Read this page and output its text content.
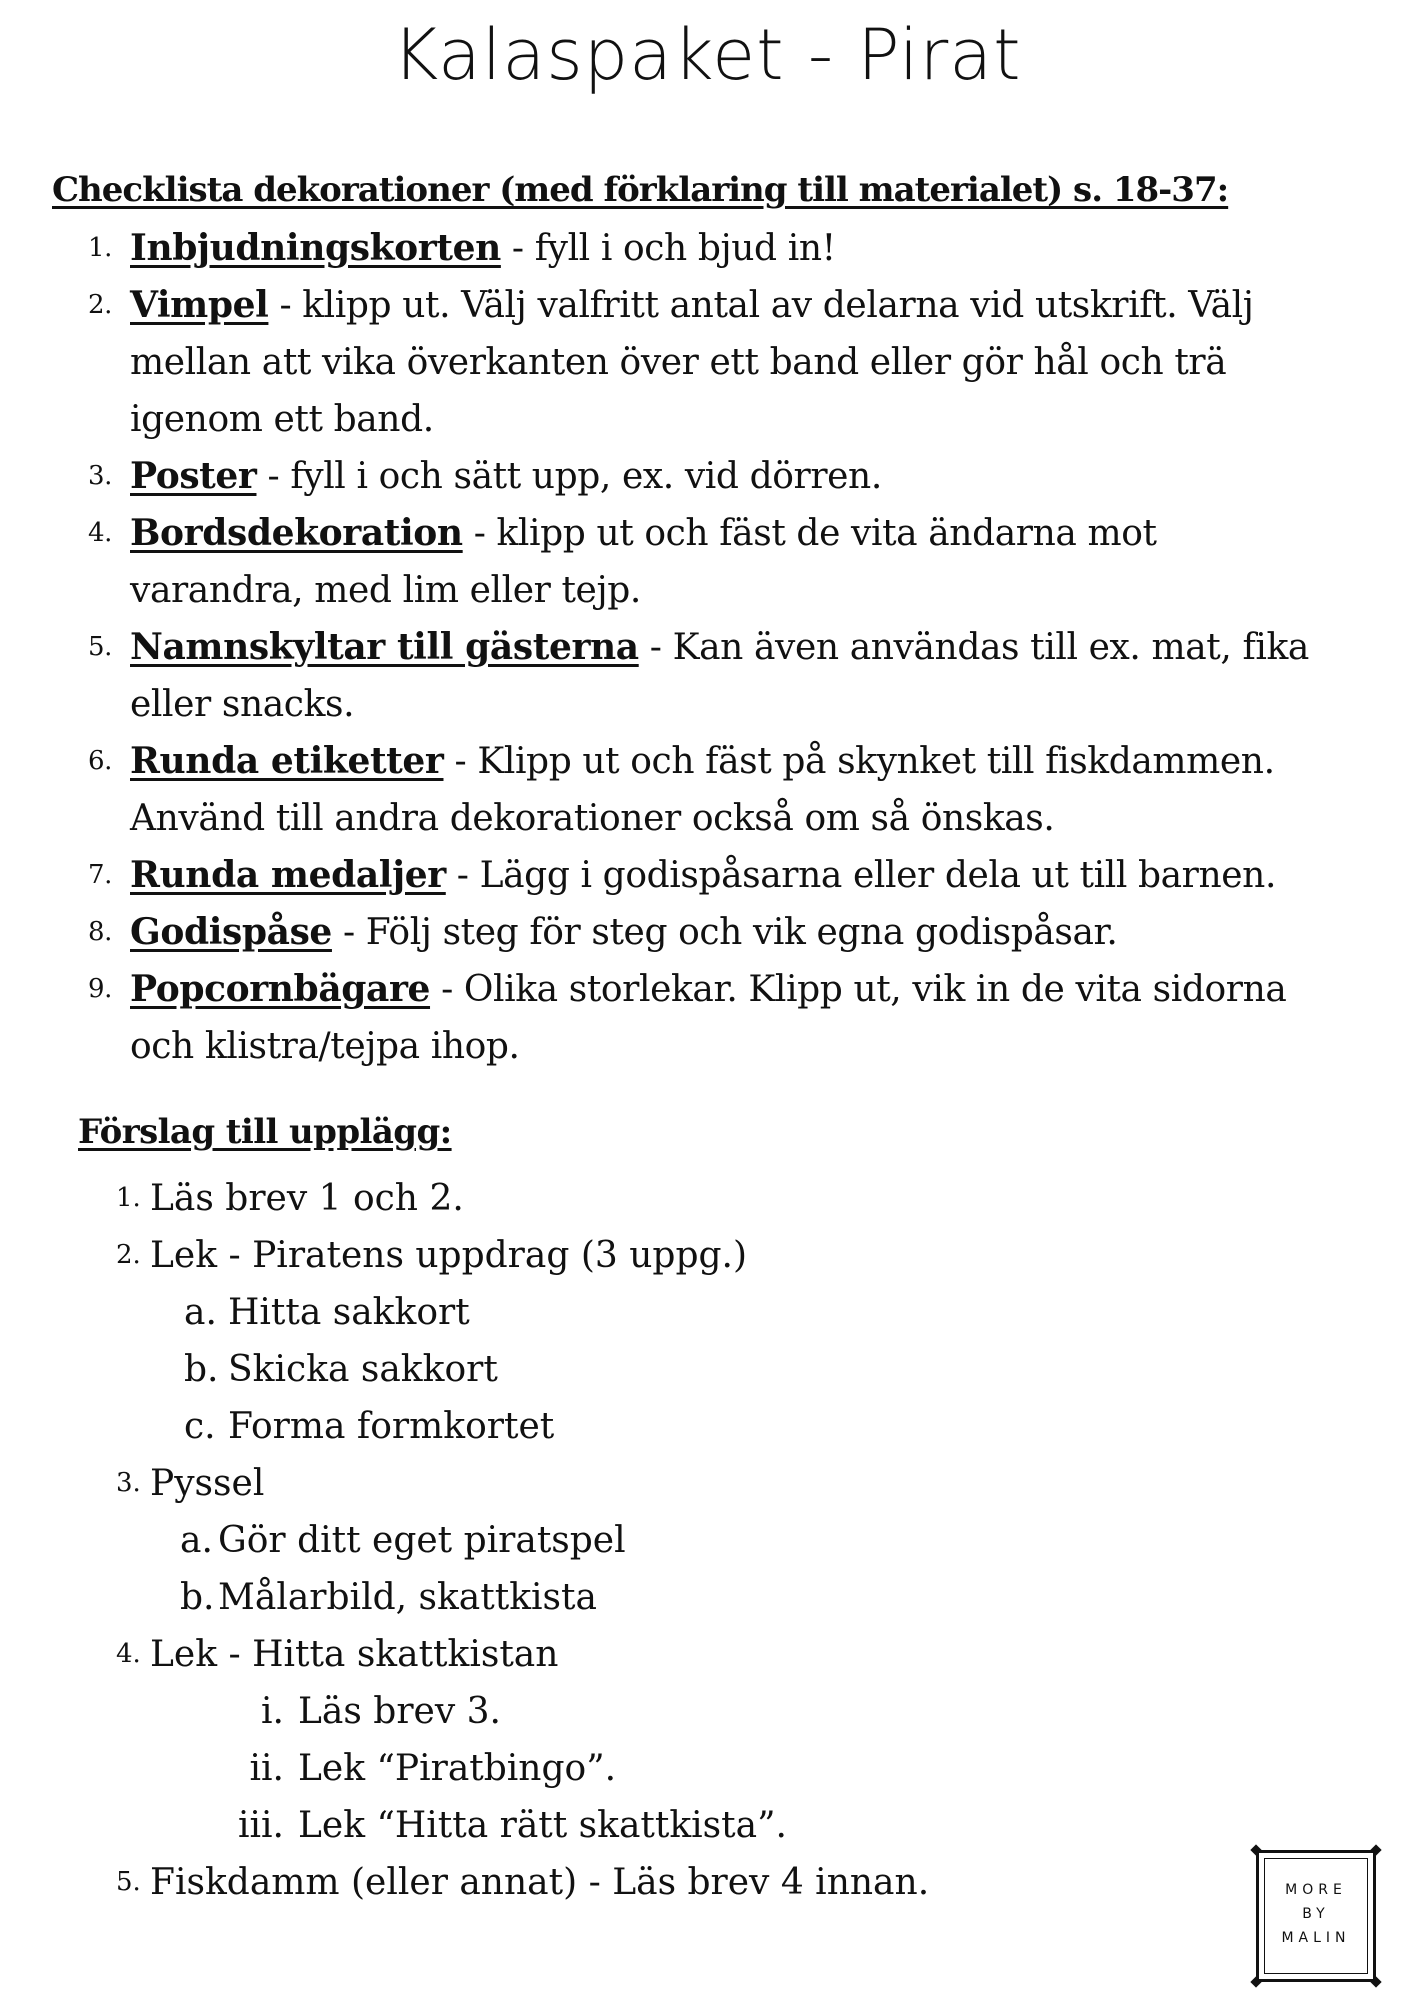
Kalaspaket - Pirat
Checklista dekorationer (med förklaring till materialet) s. 18-37:
1. Inbjudningskorten - fyll i och bjud in!
2. Vimpel - klipp ut. Välj valfritt antal av delarna vid utskrift. Välj mellan att vika överkanten över ett band eller gör hål och trä igenom ett band.
3. Poster - fyll i och sätt upp, ex. vid dörren.
4. Bordsdekoration - klipp ut och fäst de vita ändarna mot varandra, med lim eller tejp.
5. Namnskyltar till gästerna - Kan även användas till ex. mat, fika eller snacks.
6. Runda etiketter - Klipp ut och fäst på skynket till fiskdammen. Använd till andra dekorationer också om så önskas.
7. Runda medaljer - Lägg i godispåsarna eller dela ut till barnen.
8. Godispåse - Följ steg för steg och vik egna godispåsar.
9. Popcornbägare - Olika storlekar. Klipp ut, vik in de vita sidorna och klistra/tejpa ihop.
Förslag till upplägg:
1. Läs brev 1 och 2.
2. Lek - Piratens uppdrag (3 uppg.)
a. Hitta sakkort
b. Skicka sakkort
c. Forma formkortet
3. Pyssel
a. Gör ditt eget piratspel
b. Målarbild, skattkista
4. Lek - Hitta skattkistan
i. Läs brev 3.
ii. Lek “Piratbingo”.
iii. Lek “Hitta rätt skattkista”.
5. Fiskdamm (eller annat) - Läs brev 4 innan.	MORE
BY
MALIN
